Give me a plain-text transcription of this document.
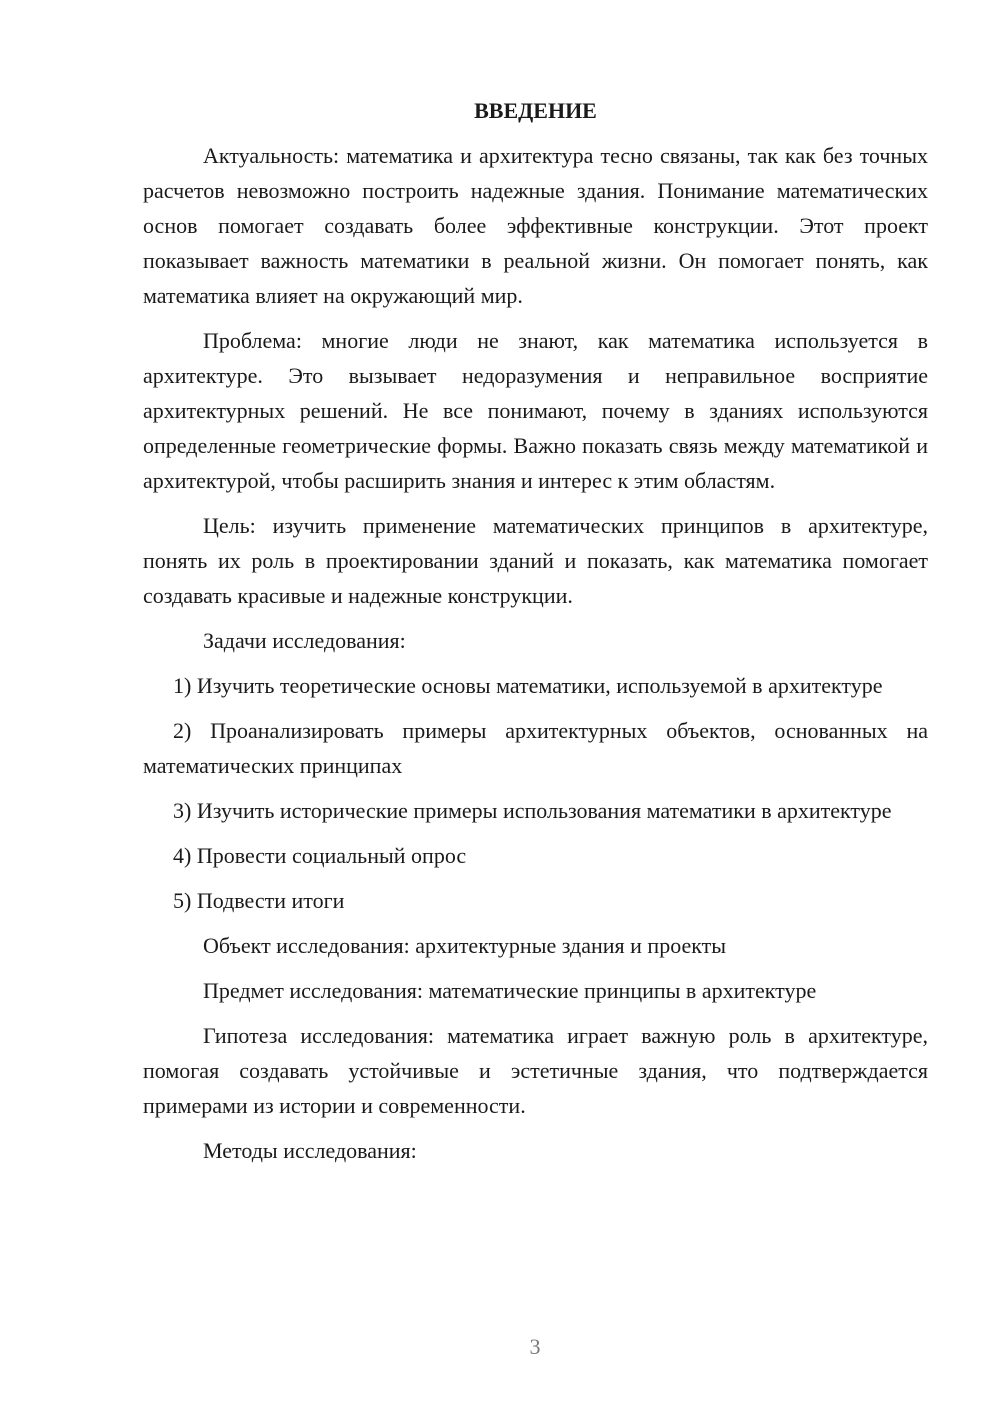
ВВЕДЕНИЕ

Актуальность: математика и архитектура тесно связаны, так как без точных расчетов невозможно построить надежные здания. Понимание математических основ помогает создавать более эффективные конструкции. Этот проект показывает важность математики в реальной жизни. Он помогает понять, как математика влияет на окружающий мир.

Проблема: многие люди не знают, как математика используется в архитектуре. Это вызывает недоразумения и неправильное восприятие архитектурных решений. Не все понимают, почему в зданиях используются определенные геометрические формы. Важно показать связь между математикой и архитектурой, чтобы расширить знания и интерес к этим областям.

Цель: изучить применение математических принципов в архитектуре, понять их роль в проектировании зданий и показать, как математика помогает создавать красивые и надежные конструкции.

Задачи исследования:

1) Изучить теоретические основы математики, используемой в архитектуре

2) Проанализировать примеры архитектурных объектов, основанных на математических принципах

3) Изучить исторические примеры использования математики в архитектуре

4) Провести социальный опрос

5) Подвести итоги

Объект исследования: архитектурные здания и проекты

Предмет исследования: математические принципы в архитектуре

Гипотеза исследования: математика играет важную роль в архитектуре, помогая создавать устойчивые и эстетичные здания, что подтверждается примерами из истории и современности.

Методы исследования:

3
